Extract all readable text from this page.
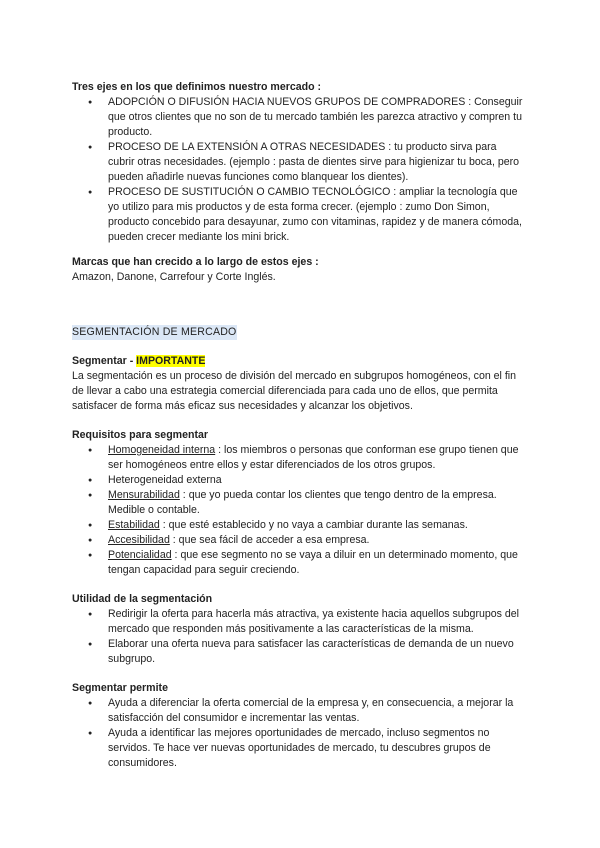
Tres ejes en los que definimos nuestro mercado :

● ADOPCIÓN O DIFUSIÓN HACIA NUEVOS GRUPOS DE COMPRADORES : Conseguir que otros clientes que no son de tu mercado también les parezca atractivo y compren tu producto.
● PROCESO DE LA EXTENSIÓN A OTRAS NECESIDADES : tu producto sirva para cubrir otras necesidades. (ejemplo : pasta de dientes sirve para higienizar tu boca, pero pueden añadirle nuevas funciones como blanquear los dientes).
● PROCESO DE SUSTITUCIÓN O CAMBIO TECNOLÓGICO : ampliar la tecnología que yo utilizo para mis productos y de esta forma crecer. (ejemplo : zumo Don Simon, producto concebido para desayunar, zumo con vitaminas, rapidez y de manera cómoda, pueden crecer mediante los mini brick.

Marcas que han crecido a lo largo de estos ejes :

Amazon, Danone, Carrefour y Corte Inglés.

SEGMENTACIÓN DE MERCADO

Segmentar - IMPORTANTE

La segmentación es un proceso de división del mercado en subgrupos homogéneos, con el fin de llevar a cabo una estrategia comercial diferenciada para cada uno de ellos, que permita satisfacer de forma más eficaz sus necesidades y alcanzar los objetivos.

Requisitos para segmentar

● Homogeneidad interna : los miembros o personas que conforman ese grupo tienen que ser homogéneos entre ellos y estar diferenciados de los otros grupos.
● Heterogeneidad externa
● Mensurabilidad : que yo pueda contar los clientes que tengo dentro de la empresa. Medible o contable.
● Estabilidad : que esté establecido y no vaya a cambiar durante las semanas.
● Accesibilidad : que sea fácil de acceder a esa empresa.
● Potencialidad : que ese segmento no se vaya a diluir en un determinado momento, que tengan capacidad para seguir creciendo.

Utilidad de la segmentación

● Redirigir la oferta para hacerla más atractiva, ya existente hacia aquellos subgrupos del mercado que responden más positivamente a las características de la misma.
● Elaborar una oferta nueva para satisfacer las características de demanda de un nuevo subgrupo.

Segmentar permite

● Ayuda a diferenciar la oferta comercial de la empresa y, en consecuencia, a mejorar la satisfacción del consumidor e incrementar las ventas.
● Ayuda a identificar las mejores oportunidades de mercado, incluso segmentos no servidos. Te hace ver nuevas oportunidades de mercado, tu descubres grupos de consumidores.
